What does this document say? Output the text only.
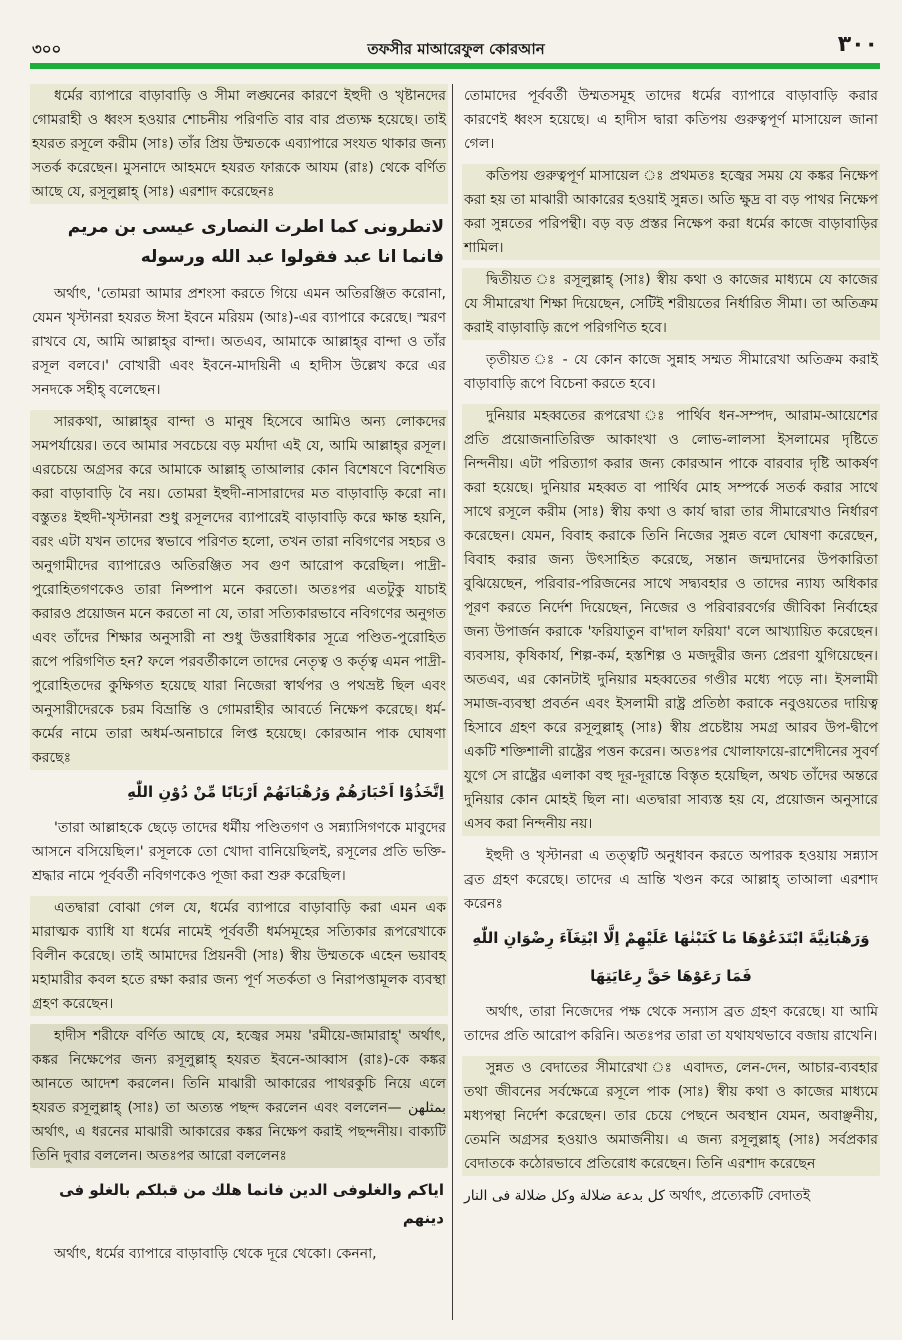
৩০০	তফসীর মাআরেফুল কোরআন	٣٠٠

ধর্মের ব্যাপারে বাড়াবাড়ি ও সীমা লঙ্ঘনের কারণে ইহুদী ও খৃষ্টানদের গোমরাহী ও ধ্বংস হওয়ার শোচনীয় পরিণতি বার বার প্রত্যক্ষ হয়েছে। তাই হযরত রসূলে করীম (সাঃ) তাঁর প্রিয় উম্মতকে এব্যাপারে সংযত থাকার জন্য সতর্ক করেছেন। মুসনাদে আহমদে হযরত ফারূকে আযম (রাঃ) থেকে বর্ণিত আছে যে, রসূলুল্লাহ্ (সাঃ) এরশাদ করেছেনঃ

لاتطرونى كما اطرت النصارى عيسى بن مريم فانما انا عبد فقولوا عبد الله ورسوله

অর্থাৎ, 'তোমরা আমার প্রশংসা করতে গিয়ে এমন অতিরঞ্জিত করোনা, যেমন খৃস্টানরা হযরত ঈসা ইবনে মরিয়ম (আঃ)-এর ব্যাপারে করেছে। স্মরণ রাখবে যে, আমি আল্লাহ্‌র বান্দা। অতএব, আমাকে আল্লাহ্‌র বান্দা ও তাঁর রসূল বলবে।' বোখারী এবং ইবনে-মাদয়িনী এ হাদীস উল্লেখ করে এর সনদকে সহীহ্ বলেছেন।

সারকথা, আল্লাহ্‌র বান্দা ও মানুষ হিসেবে আমিও অন্য লোকদের সমপর্যায়ের। তবে আমার সবচেয়ে বড় মর্যাদা এই যে, আমি আল্লাহ্‌র রসূল। এরচেয়ে অগ্রসর করে আমাকে আল্লাহ্ তাআলার কোন বিশেষণে বিশেষিত করা বাড়াবাড়ি বৈ নয়। তোমরা ইহুদী-নাসারাদের মত বাড়াবাড়ি করো না। বস্তুতঃ ইহুদী-খৃস্টানরা শুধু রসূলদের ব্যাপারেই বাড়াবাড়ি করে ক্ষান্ত হয়নি, বরং এটা যখন তাদের স্বভাবে পরিণত হলো, তখন তারা নবিগণের সহচর ও অনুগামীদের ব্যাপারেও অতিরঞ্জিত সব গুণ আরোপ করেছিল। পাদ্রী-পুরোহিতগণকেও তারা নিষ্পাপ মনে করতো। অতঃপর এতটুকু যাচাই করারও প্রয়োজন মনে করতো না যে, তারা সত্যিকারভাবে নবিগণের অনুগত এবং তাঁদের শিক্ষার অনুসারী না শুধু উত্তরাধিকার সূত্রে পণ্ডিত-পুরোহিত রূপে পরিগণিত হন? ফলে পরবর্তীকালে তাদের নেতৃত্ব ও কর্তৃত্ব এমন পাদ্রী-পুরোহিতদের কুক্ষিগত হয়েছে যারা নিজেরা স্বার্থপর ও পথভ্রষ্ট ছিল এবং অনুসারীদেরকে চরম বিভ্রান্তি ও গোমরাহীর আবর্তে নিক্ষেপ করেছে। ধর্ম-কর্মের নামে তারা অধর্ম-অনাচারে লিপ্ত হয়েছে। কোরআন পাক ঘোষণা করছেঃ

اِتَّخَذُوْٓا اَحْبَارَهُمْ وَرُهْبَانَهُمْ اَرْبَابًا مِّنْ دُوْنِ اللّٰهِ

'তারা আল্লাহকে ছেড়ে তাদের ধর্মীয় পণ্ডিতগণ ও সন্ন্যাসিগণকে মাবুদের আসনে বসিয়েছিল।' রসূলকে তো খোদা বানিয়েছিলই, রসূলের প্রতি ভক্তি-শ্রদ্ধার নামে পূর্ববর্তী নবিগণকেও পূজা করা শুরু করেছিল।

এতদ্বারা বোঝা গেল যে, ধর্মের ব্যাপারে বাড়াবাড়ি করা এমন এক মারাত্মক ব্যাধি যা ধর্মের নামেই পূর্ববর্তী ধর্মসমূহের সত্যিকার রূপরেখাকে বিলীন করেছে। তাই আমাদের প্রিয়নবী (সাঃ) স্বীয় উম্মতকে এহেন ভয়াবহ মহামারীর কবল হতে রক্ষা করার জন্য পূর্ণ সতর্কতা ও নিরাপত্তামূলক ব্যবস্থা গ্রহণ করেছেন।

হাদীস শরীফে বর্ণিত আছে যে, হজ্বের সময় 'রমীয়ে-জামারাহ্' অর্থাৎ, কঙ্কর নিক্ষেপের জন্য রসূলুল্লাহ্ হযরত ইবনে-আব্বাস (রাঃ)-কে কঙ্কর আনতে আদেশ করলেন। তিনি মাঝারী আকারের পাথরকুচি নিয়ে এলে হযরত রসূলুল্লাহ্ (সাঃ) তা অত্যন্ত পছন্দ করলেন এবং বললেন— بمثلهن অর্থাৎ, এ ধরনের মাঝারী আকারের কঙ্কর নিক্ষেপ করাই পছন্দনীয়। বাক্যটি তিনি দুবার বললেন। অতঃপর আরো বললেনঃ

اياكم والغلوفى الدين فانما هلك من قبلكم بالغلو فى دينهم

অর্থাৎ, ধর্মের ব্যাপারে বাড়াবাড়ি থেকে দূরে থেকো। কেননা,

তোমাদের পূর্ববর্তী উম্মতসমূহ তাদের ধর্মের ব্যাপারে বাড়াবাড়ি করার কারণেই ধ্বংস হয়েছে। এ হাদীস দ্বারা কতিপয় গুরুত্বপূর্ণ মাসায়েল জানা গেল।

কতিপয় গুরুত্বপূর্ণ মাসায়েল ঃ প্রথমতঃ হজ্বের সময় যে কঙ্কর নিক্ষেপ করা হয় তা মাঝারী আকারের হওয়াই সুন্নত। অতি ক্ষুদ্র বা বড় পাথর নিক্ষেপ করা সুন্নতের পরিপন্থী। বড় বড় প্রস্তর নিক্ষেপ করা ধর্মের কাজে বাড়াবাড়ির শামিল।

দ্বিতীয়ত ঃ রসূলুল্লাহ্ (সাঃ) স্বীয় কথা ও কাজের মাধ্যমে যে কাজের যে সীমারেখা শিক্ষা দিয়েছেন, সেটিই শরীয়তের নির্ধারিত সীমা। তা অতিক্রম করাই বাড়াবাড়ি রূপে পরিগণিত হবে।

তৃতীয়ত ঃ - যে কোন কাজে সুন্নাহ সম্মত সীমারেখা অতিক্রম করাই বাড়াবাড়ি রূপে বিচেনা করতে হবে।

দুনিয়ার মহব্বতের রূপরেখা ঃ পার্থিব ধন-সম্পদ, আরাম-আয়েশের প্রতি প্রয়োজনাতিরিক্ত আকাংখা ও লোভ-লালসা ইসলামের দৃষ্টিতে নিন্দনীয়। এটা পরিত্যাগ করার জন্য কোরআন পাকে বারবার দৃষ্টি আকর্ষণ করা হয়েছে। দুনিয়ার মহব্বত বা পার্থিব মোহ সম্পর্কে সতর্ক করার সাথে সাথে রসূলে করীম (সাঃ) স্বীয় কথা ও কার্য দ্বারা তার সীমারেখাও নির্ধারণ করেছেন। যেমন, বিবাহ করাকে তিনি নিজের সুন্নত বলে ঘোষণা করেছেন, বিবাহ করার জন্য উৎসাহিত করেছে, সন্তান জন্মদানের উপকারিতা বুঝিয়েছেন, পরিবার-পরিজনের সাথে সদ্ব্যবহার ও তাদের ন্যায্য অধিকার পূরণ করতে নির্দেশ দিয়েছেন, নিজের ও পরিবারবর্গের জীবিকা নির্বাহের জন্য উপার্জন করাকে 'ফরিযাতুন বা'দাল ফরিযা' বলে আখ্যায়িত করেছেন। ব্যবসায়, কৃষিকার্য, শিল্প-কর্ম, হস্তশিল্প ও মজদুরীর জন্য প্রেরণা যুগিয়েছেন। অতএব, এর কোনটাই দুনিয়ার মহব্বতের গণ্ডীর মধ্যে পড়ে না। ইসলামী সমাজ-ব্যবস্থা প্রবর্তন এবং ইসলামী রাষ্ট্র প্রতিষ্ঠা করাকে নবুওয়তের দায়িত্ব হিসাবে গ্রহণ করে রসূলুল্লাহ্ (সাঃ) স্বীয় প্রচেষ্টায় সমগ্র আরব উপ-দ্বীপে একটি শক্তিশালী রাষ্ট্রের পত্তন করেন। অতঃপর খোলাফায়ে-রাশেদীনের সুবর্ণ যুগে সে রাষ্ট্রের এলাকা বহু দূর-দূরান্তে বিস্তৃত হয়েছিল, অথচ তাঁদের অন্তরে দুনিয়ার কোন মোহই ছিল না। এতদ্বারা সাব্যস্ত হয় যে, প্রয়োজন অনুসারে এসব করা নিন্দনীয় নয়।

ইহুদী ও খৃস্টানরা এ তত্ত্বটি অনুধাবন করতে অপারক হওয়ায় সন্ন্যাস ব্রত গ্রহণ করেছে। তাদের এ ভ্রান্তি খণ্ডন করে আল্লাহ্ তাআলা এরশাদ করেনঃ

وَرَهْبَانِيَّةَ ابْتَدَعُوْهَا مَا كَتَبْنٰهَا عَلَيْهِمْ اِلَّا ابْتِغَآءَ رِضْوَانِ اللّٰهِ

فَمَا رَعَوْهَا حَقَّ رِعَايَتِهَا

অর্থাৎ, তারা নিজেদের পক্ষ থেকে সন্যাস ব্রত গ্রহণ করেছে। যা আমি তাদের প্রতি আরোপ করিনি। অতঃপর তারা তা যথাযথভাবে বজায় রাখেনি।

সুন্নত ও বেদাতের সীমারেখা ঃ এবাদত, লেন-দেন, আচার-ব্যবহার তথা জীবনের সর্বক্ষেত্রে রসূলে পাক (সাঃ) স্বীয় কথা ও কাজের মাধ্যমে মধ্যপন্থা নির্দেশ করেছেন। তার চেয়ে পেছনে অবস্থান যেমন, অবাঞ্ছনীয়, তেমনি অগ্রসর হওয়াও অমার্জনীয়। এ জন্য রসূলুল্লাহ্ (সাঃ) সর্বপ্রকার বেদাতকে কঠোরভাবে প্রতিরোধ করেছেন। তিনি এরশাদ করেছেন

كل بدعة ضلالة وكل ضلالة فى النار অর্থাৎ, প্রত্যেকটি বেদাতই
